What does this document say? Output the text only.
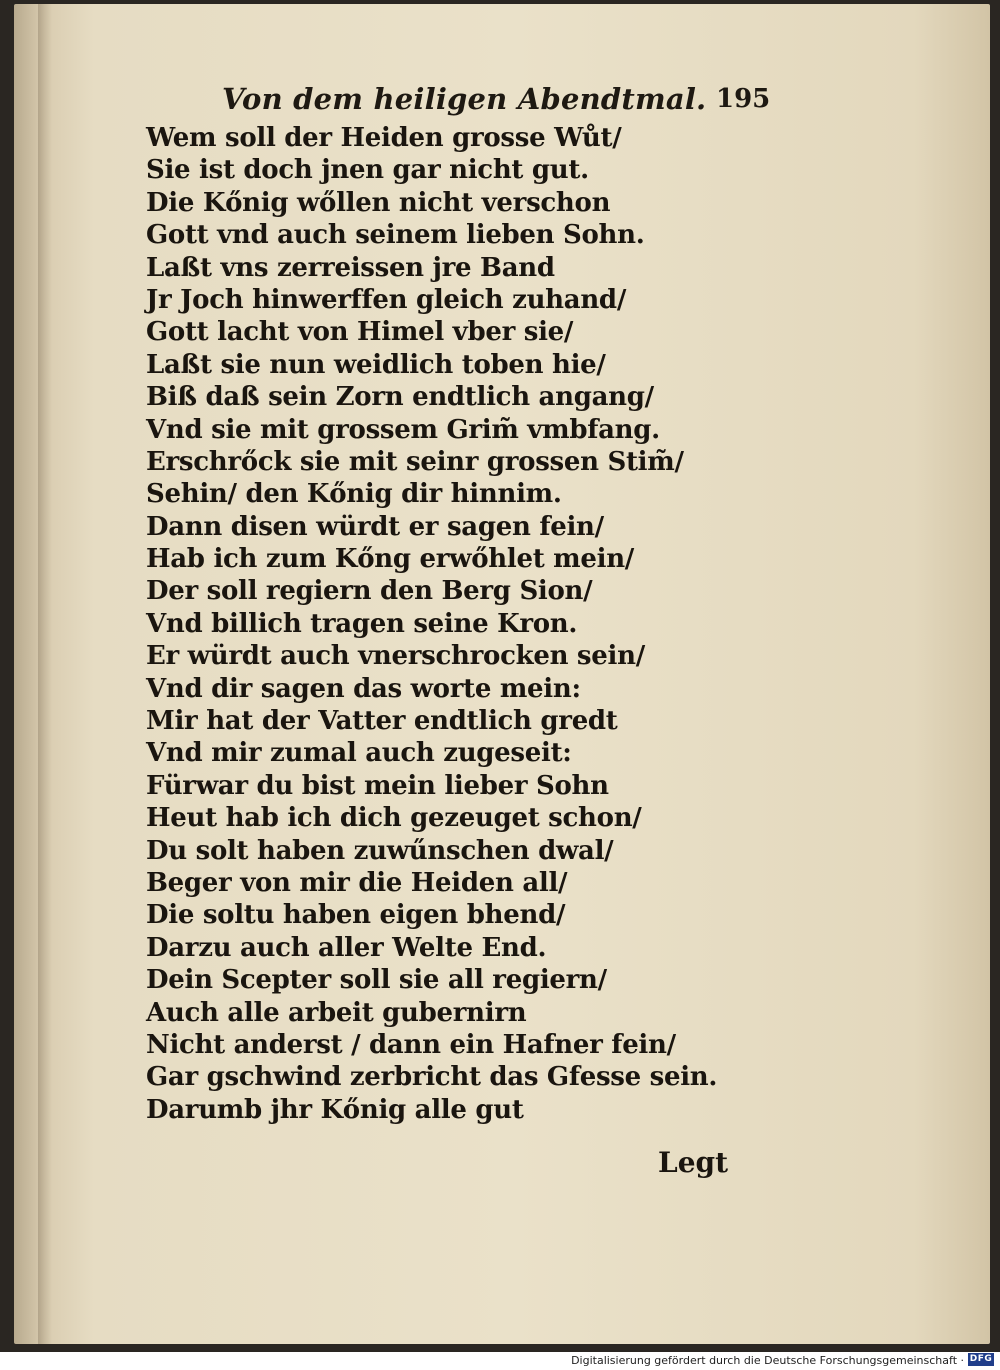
Von dem heiligen Abendtmal. 195
Wem soll der Heiden grosse Wůt/
Sie ist doch jnen gar nicht gut.
Die Kőnig wőllen nicht verschon
Gott vnd auch seinem lieben Sohn.
Laßt vns zerreissen jre Band
Jr Joch hinwerffen gleich zuhand/
Gott lacht von Himel vber sie/
Laßt sie nun weidlich toben hie/
Biß daß sein Zorn endtlich angang/
Vnd sie mit grossem Grim̃ vmbfang.
Erschrőck sie mit seinr grossen Stim̃/
Sehin/ den Kőnig dir hinnim.
Dann disen würdt er sagen fein/
Hab ich zum Kőng erwőhlet mein/
Der soll regiern den Berg Sion/
Vnd billich tragen seine Kron.
Er würdt auch vnerschrocken sein/
Vnd dir sagen das worte mein:
Mir hat der Vatter endtlich gredt
Vnd mir zumal auch zugeseit:
Fürwar du bist mein lieber Sohn
Heut hab ich dich gezeuget schon/
Du solt haben zuwűnschen dwal/
Beger von mir die Heiden all/
Die soltu haben eigen bhend/
Darzu auch aller Welte End.
Dein Scepter soll sie all regiern/
Auch alle arbeit gubernirn
Nicht anderst / dann ein Hafner fein/
Gar gschwind zerbricht das Gfesse sein.
Darumb jhr Kőnig alle gut
Legt
Digitalisierung gefördert durch die Deutsche Forschungsgemeinschaft · DFG
